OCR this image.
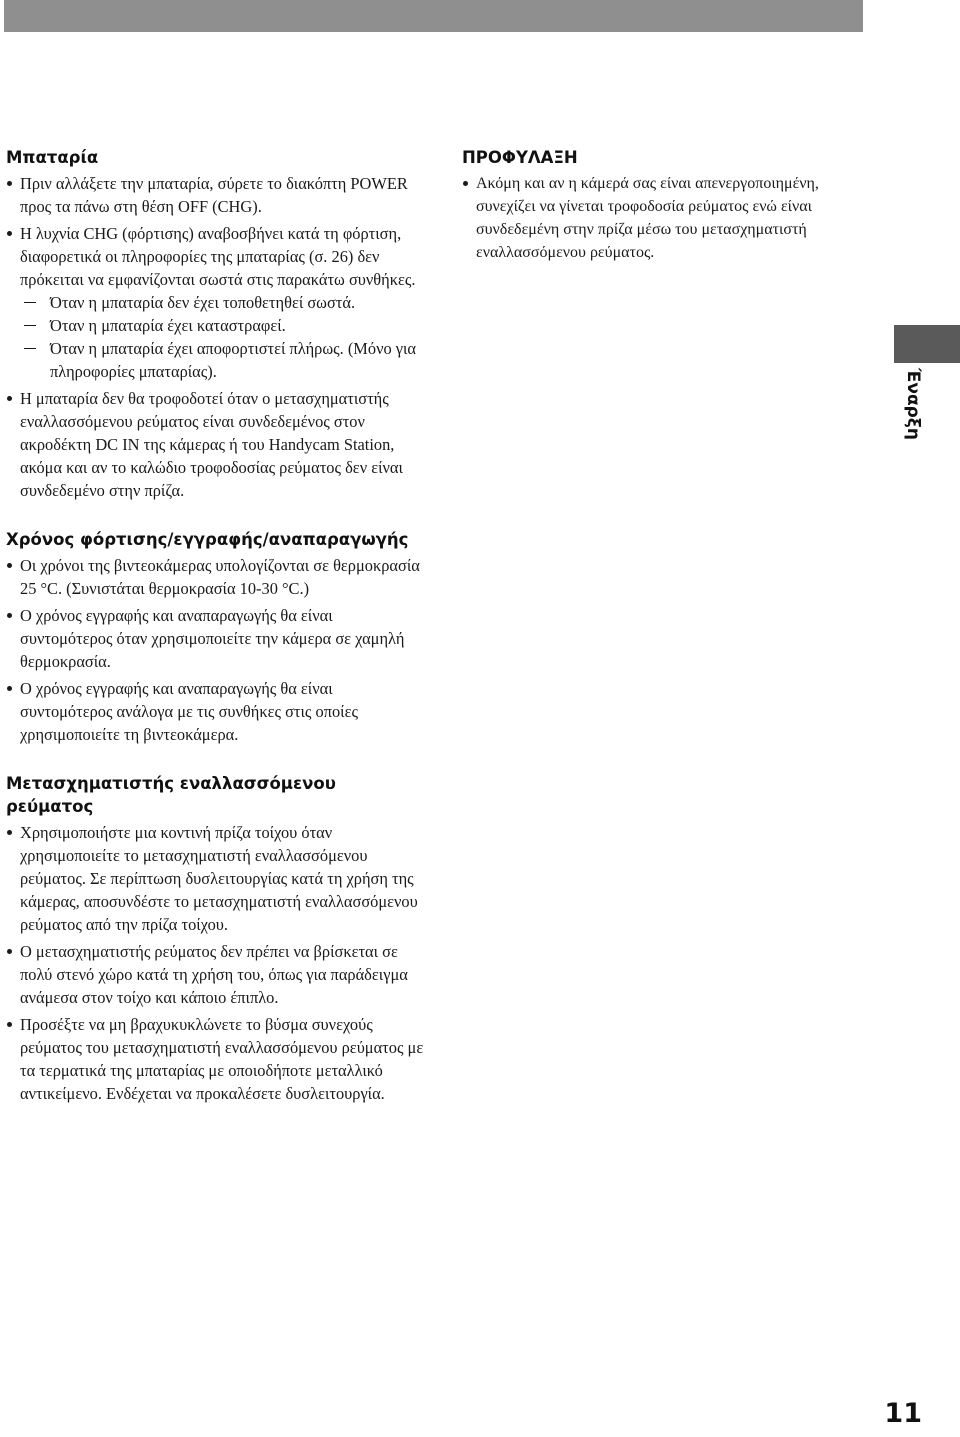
Μπαταρία
Πριν αλλάξετε την μπαταρία, σύρετε το διακόπτη POWER προς τα πάνω στη θέση OFF (CHG).
Η λυχνία CHG (φόρτισης) αναβοσβήνει κατά τη φόρτιση, διαφορετικά οι πληροφορίες της μπαταρίας (σ. 26) δεν πρόκειται να εμφανίζονται σωστά στις παρακάτω συνθήκες.
Όταν η μπαταρία δεν έχει τοποθετηθεί σωστά.
Όταν η μπαταρία έχει καταστραφεί.
Όταν η μπαταρία έχει αποφορτιστεί πλήρως. (Μόνο για πληροφορίες μπαταρίας).
Η μπαταρία δεν θα τροφοδοτεί όταν ο μετασχηματιστής εναλλασσόμενου ρεύματος είναι συνδεδεμένος στον ακροδέκτη DC IN της κάμερας ή του Handycam Station, ακόμα και αν το καλώδιο τροφοδοσίας ρεύματος δεν είναι συνδεδεμένο στην πρίζα.
Χρόνος φόρτισης/εγγραφής/αναπαραγωγής
Οι χρόνοι της βιντεοκάμερας υπολογίζονται σε θερμοκρασία 25 °C. (Συνιστάται θερμοκρασία 10-30 °C.)
Ο χρόνος εγγραφής και αναπαραγωγής θα είναι συντομότερος όταν χρησιμοποιείτε την κάμερα σε χαμηλή θερμοκρασία.
Ο χρόνος εγγραφής και αναπαραγωγής θα είναι συντομότερος ανάλογα με τις συνθήκες στις οποίες χρησιμοποιείτε τη βιντεοκάμερα.
Μετασχηματιστής εναλλασσόμενου ρεύματος
Χρησιμοποιήστε μια κοντινή πρίζα τοίχου όταν χρησιμοποιείτε το μετασχηματιστή εναλλασσόμενου ρεύματος. Σε περίπτωση δυσλειτουργίας κατά τη χρήση της κάμερας, αποσυνδέστε το μετασχηματιστή εναλλασσόμενου ρεύματος από την πρίζα τοίχου.
Ο μετασχηματιστής ρεύματος δεν πρέπει να βρίσκεται σε πολύ στενό χώρο κατά τη χρήση του, όπως για παράδειγμα ανάμεσα στον τοίχο και κάποιο έπιπλο.
Προσέξτε να μη βραχυκυκλώνετε το βύσμα συνεχούς ρεύματος του μετασχηματιστή εναλλασσόμενου ρεύματος με τα τερματικά της μπαταρίας με οποιοδήποτε μεταλλικό αντικείμενο. Ενδέχεται να προκαλέσετε δυσλειτουργία.
ΠΡΟΦΥΛΑΞΗ
Ακόμη και αν η κάμερά σας είναι απενεργοποιημένη, συνεχίζει να γίνεται τροφοδοσία ρεύματος ενώ είναι συνδεδεμένη στην πρίζα μέσω του μετασχηματιστή εναλλασσόμενου ρεύματος.
Έναρξη
11
